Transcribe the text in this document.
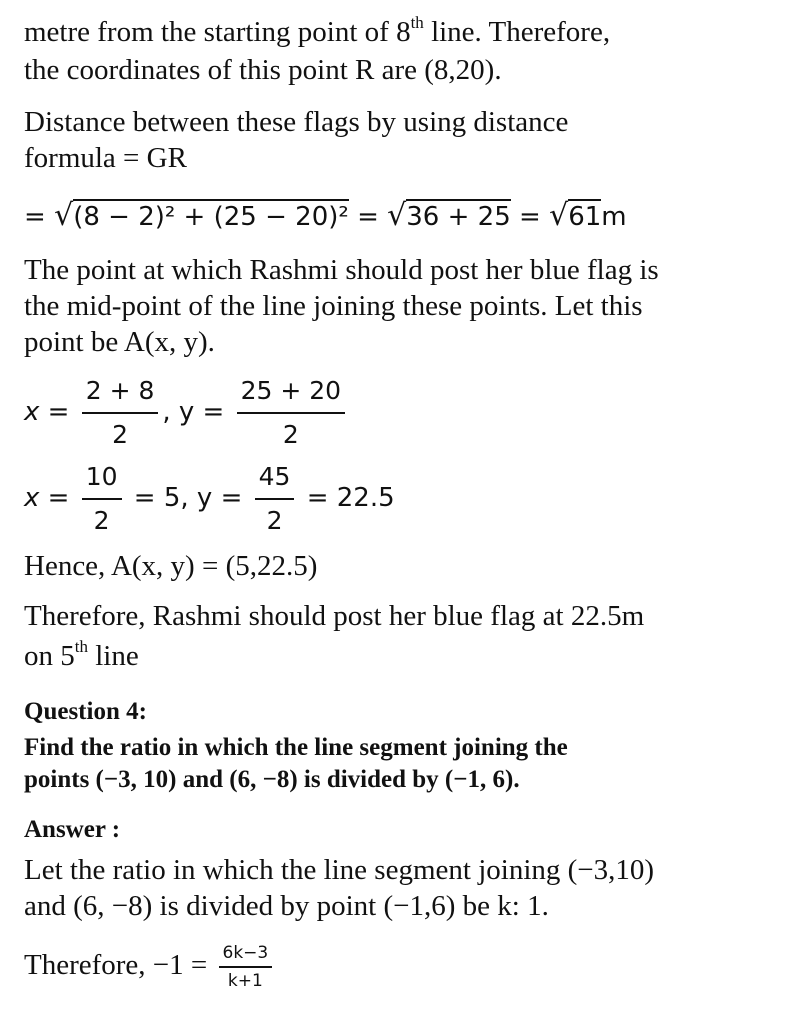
metre from the starting point of 8th line. Therefore,
the coordinates of this point R are (8,20).
Distance between these flags by using distance
formula = GR
= √(8 − 2)² + (25 − 20)² = √36 + 25 = √61m
The point at which Rashmi should post her blue flag is
the mid-point of the line joining these points. Let this
point be A(x, y).
$x = \frac{2 + 8}{2}$ , $y = \frac{25 + 20}{2}$
$x = \frac{10}{2} = 5$, $y = \frac{45}{2} = 22.5$
Hence, A(x, y) = (5,22.5)
Therefore, Rashmi should post her blue flag at 22.5m
on 5th line
Question 4:
Find the ratio in which the line segment joining the
points (−3, 10) and (6, −8) is divided by (−1, 6).
Answer :
Let the ratio in which the line segment joining (−3,10)
and (6, −8) is divided by point (−1,6) be k: 1.
Therefore, $-1 = \frac{6k-3}{k+1}$
